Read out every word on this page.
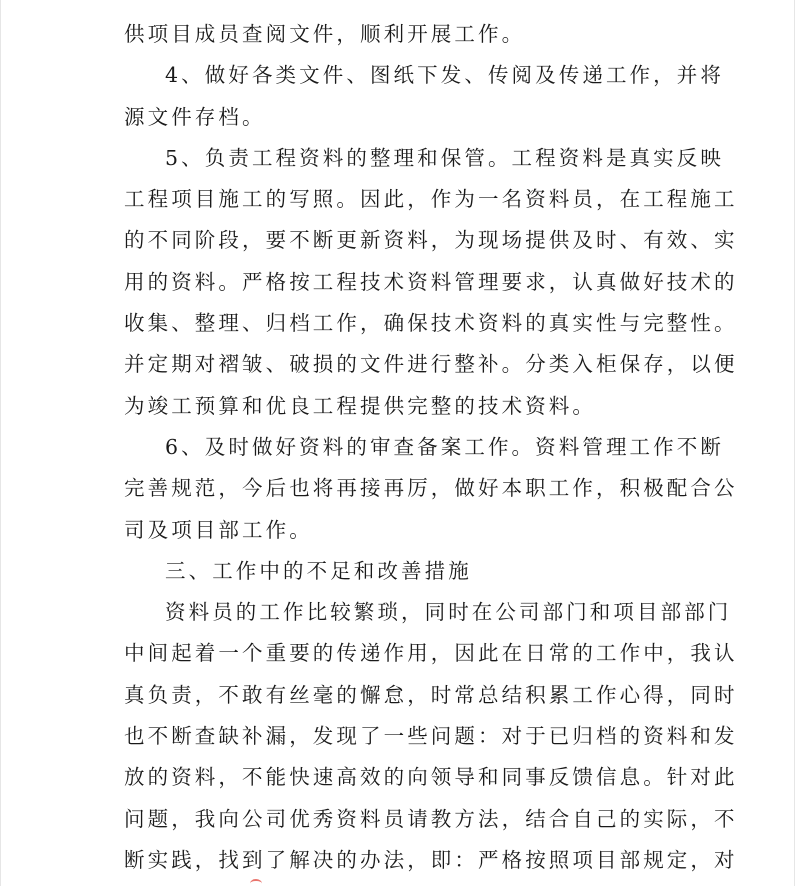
供项目成员查阅文件，顺利开展工作。

4、做好各类文件、图纸下发、传阅及传递工作，并将

源文件存档。

5、负责工程资料的整理和保管。工程资料是真实反映

工程项目施工的写照。因此，作为一名资料员，在工程施工

的不同阶段，要不断更新资料，为现场提供及时、有效、实

用的资料。严格按工程技术资料管理要求，认真做好技术的

收集、整理、归档工作，确保技术资料的真实性与完整性。

并定期对褶皱、破损的文件进行整补。分类入柜保存，以便

为竣工预算和优良工程提供完整的技术资料。

6、及时做好资料的审查备案工作。资料管理工作不断

完善规范，今后也将再接再厉，做好本职工作，积极配合公

司及项目部工作。

三、工作中的不足和改善措施

资料员的工作比较繁琐，同时在公司部门和项目部部门

中间起着一个重要的传递作用，因此在日常的工作中，我认

真负责，不敢有丝毫的懈怠，时常总结积累工作心得，同时

也不断查缺补漏，发现了一些问题：对于已归档的资料和发

放的资料，不能快速高效的向领导和同事反馈信息。针对此

问题，我向公司优秀资料员请教方法，结合自己的实际，不

断实践，找到了解决的办法，即：严格按照项目部规定，对
